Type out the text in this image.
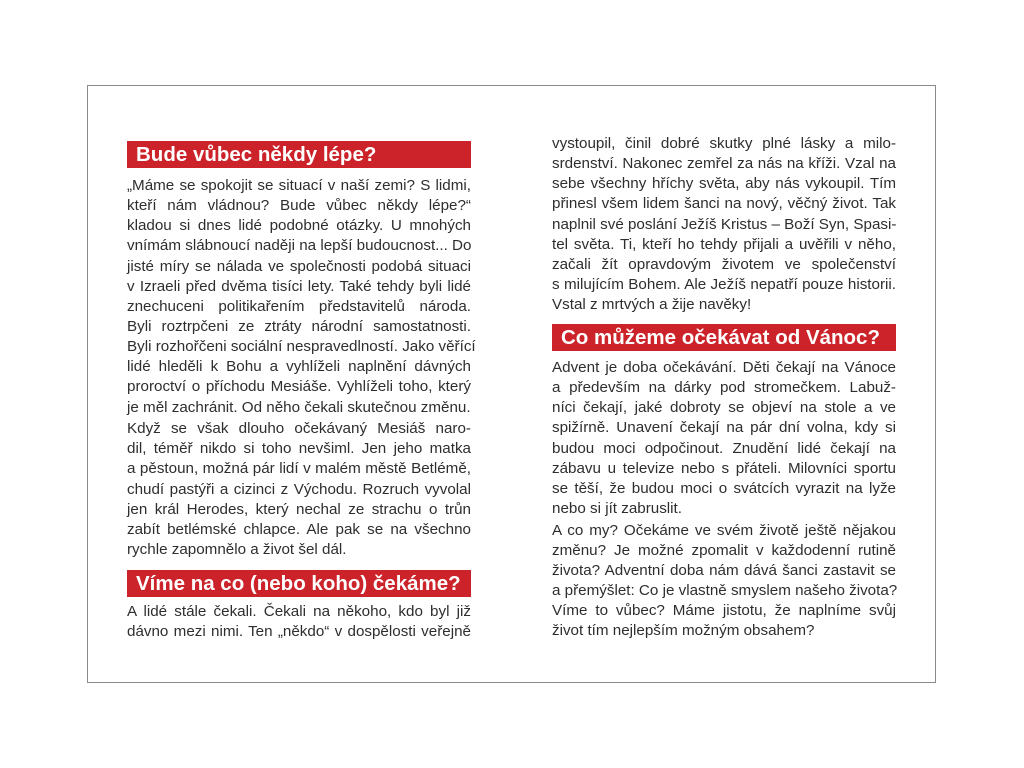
Bude vůbec někdy lépe?
„Máme se spokojit se situací v naší zemi? S lidmi,
kteří nám vládnou? Bude vůbec někdy lépe?“
kladou si dnes lidé podobné otázky. U mnohých
vnímám slábnoucí naději na lepší budoucnost... Do
jisté míry se nálada ve společnosti podobá situaci
v Izraeli před dvěma tisíci lety. Také tehdy byli lidé
znechuceni politikařením představitelů národa.
Byli roztrpčeni ze ztráty národní samostatnosti.
Byli rozhořčeni sociální nespravedlností. Jako věřící
lidé hleděli k Bohu a vyhlíželi naplnění dávných
proroctví o příchodu Mesiáše. Vyhlíželi toho, který
je měl zachránit. Od něho čekali skutečnou změnu.
Když se však dlouho očekávaný Mesiáš naro-
dil, téměř nikdo si toho nevšiml. Jen jeho matka
a pěstoun, možná pár lidí v malém městě Betlémě,
chudí pastýři a cizinci z Východu. Rozruch vyvolal
jen král Herodes, který nechal ze strachu o trůn
zabít betlémské chlapce. Ale pak se na všechno
rychle zapomnělo a život šel dál.
Víme na co (nebo koho) čekáme?
A lidé stále čekali. Čekali na někoho, kdo byl již
dávno mezi nimi. Ten „někdo“ v dospělosti veřejně
vystoupil, činil dobré skutky plné lásky a milo-
srdenství. Nakonec zemřel za nás na kříži. Vzal na
sebe všechny hříchy světa, aby nás vykoupil. Tím
přinesl všem lidem šanci na nový, věčný život. Tak
naplnil své poslání Ježíš Kristus – Boží Syn, Spasi-
tel světa. Ti, kteří ho tehdy přijali a uvěřili v něho,
začali žít opravdovým životem ve společenství
s milujícím Bohem. Ale Ježíš nepatří pouze historii.
Vstal z mrtvých a žije navěky!
Co můžeme očekávat od Vánoc?
Advent je doba očekávání. Děti čekají na Vánoce
a především na dárky pod stromečkem. Labuž-
níci čekají, jaké dobroty se objeví na stole a ve
spižírně. Unavení čekají na pár dní volna, kdy si
budou moci odpočinout. Znudění lidé čekají na
zábavu u televize nebo s přáteli. Milovníci sportu
se těší, že budou moci o svátcích vyrazit na lyže
nebo si jít zabruslit.
A co my? Očekáme ve svém životě ještě nějakou
změnu? Je možné zpomalit v každodenní rutině
života? Adventní doba nám dává šanci zastavit se
a přemýšlet: Co je vlastně smyslem našeho života?
Víme to vůbec? Máme jistotu, že naplníme svůj
život tím nejlepším možným obsahem?
